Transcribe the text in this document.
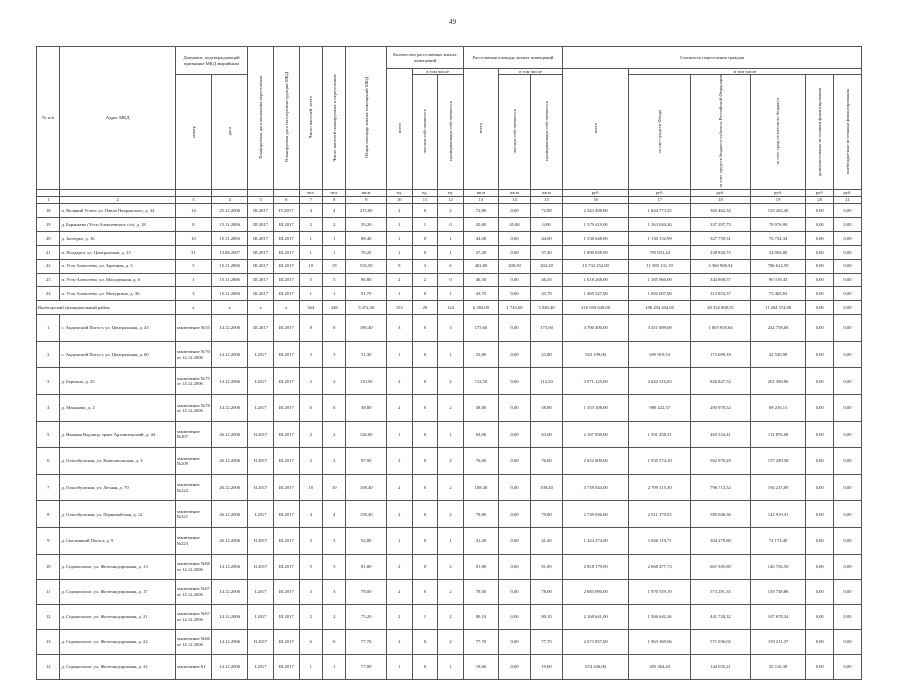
49
№ п/п	Адрес МКД	Документ, подтверждающий признание МКД аварийным		Планируемая дата окончания переселения	Планируемая дата сноса/реконструкции МКД	Число жителей, всего	Число жителей планируемых к переселению	Общая площадь жилых помещений МКД	Количество расселяемых жилых помещений			Расселяемая площадь жилых помещений			Стоимость переселения граждан					
									всего	в том числе		всего	в том числе		всего	в том числе				
		номер	дата							частная собственность	муниципальная собственность		частная собственность	муниципальная собственность		за счет средств Фонда	за счет средств бюджета субъекта Российской Федерации	за счет средств местного бюджета	дополнительные источники финансирования	внебюджетные источники финансирования
						чел.	чел.	кв.м	ед.	ед.	ед.	кв.м	кв.м	кв.м	руб.	руб.	руб.	руб.	руб.	руб.
1	2	3	4	5	6	7	8	9	10	11	12	13	14	15	16	17	18	19	20	21
18	п. Великий Устюг, ул. Павла Покровского, д. 34	14	25.12.2006	III.2017	IV.2017	4	4	215,00	2	0	2	72,80	0,00	72,80	2 343 498,00	1 844 773,25	365 462,32	133 262,40	0,00	0,00
19	д. Бараньево (Усть-Алексеевское с/п), д. 18	8	15.11.2006	III.2017	III.2017	2	2	59,20	1	1	0	45,80	45,80	0,00	1 579 419,00	1 163 044,26	337 397,75	78 976,99	0,00	0,00
20	д. Заозерье, д. 16	10	15.11.2006	III.2017	III.2017	1	1	88,40	1	0	1	44,00	0,00	44,00	1 536 648,00	1 130 152,99	327 759,31	76 734,34	0,00	0,00
21	п. Полдарса, ул. Центральная, д. 23	31	13.08.2007	III.2017	III.2017	1	1	76,20	1	0	1	37,40	0,00	37,40	1 090 658,99	795 831,44	230 820,75	54 004,80	0,00	0,00
22	п. Усть-Алексеево, ул. Заречная, д. 5	5	15.11.2006	III.2017	III.2017	19	19	535,50	9	3	6	402,80	200,50	202,30	15 732 252,00	11 585 131,19	3 360 908,54	786 612,59	0,00	0,00
23	п. Усть-Алексеево, ул. Молодежная, д. 6	1	15.11.2006	III.2017	III.2017	5	5	96,80	2	2	0	46,50	0,00	46,50	1 618 268,00	1 185 960,00	344 868,57	90 319,43	0,00	0,00
24	п. Усть-Алексеево, ул. Мочургина, д. 30	3	15.11.2006	III.2017	III.2017	1	1	91,70	1	0	1	43,70	0,00	43,70	1 469 327,00	1 082 007,00	313 854,37	73 465,63	0,00	0,00
Вытегорский муниципальный район		x	x	x	x	364	348	9 472,30	153	29	124	6 384,00	1 743,60	5 040,40	216 950 640,00	190 294 204,85	40 332 868,55	11 284 574,90	0,00	0,00
1	с. Андомский Погост, ул. Центральная, д. 43	заключение №55	14.12.2006	III.2017	III.2017	8	8	180,40	3	0	3	175,60	0,00	175,60	4 700 400,00	3 451 689,68	1 003 958,64	244 758,68	0,00	0,00
2	с. Андомский Погост, ул. Центральная, д. 60	заключение №70 от 14.12.2006	14.12.2006	I.2017	III.2017	3	3	51,30	1	0	1	23,80	0,00	23,80	922 199,00	695 919,53	173 699,18	42 520,99	0,00	0,00
3	д. Бережно, д. 35	заключение №75 от 14.12.2006	14.12.2006	I.2017	III.2017	2	2	110,50	2	0	2	112,50	0,00	112,50	3 071 125,00	2 642 316,83	826 847,52	201 360,86	0,00	0,00
4	д. Меньково, д. 2	заключение №78 от 14.12.2006	14.12.2006	I.2017	III.2017	6	6	38,80	2	0	2	38,80	0,00	38,80	1 353 108,00	980 422,37	283 970,52	69 216,11	0,00	0,00
5	д. Нижняя Водлица, тракт Архангельский, д. 44	заключение №207	26.12.2006	II.2017	III.2017	2	2	126,00	1	0	1	63,00	0,00	63,00	2 167 830,00	1 591 458,31	463 534,41	112 876,08	0,00	0,00
6	д. Ольгобушская, ул. Комсомольская, д. 3	заключение №209	26.12.2006	II.2017	III.2017	2	2	97,90	2	0	2	76,60	0,00	76,60	2 652 800,00	1 935 574,10	562 976,29	157 249,58	0,00	0,00
7	д. Ольгобушская, ул. Лесная, д. 70	заключение №222	26.12.2006	II.2017	III.2017	10	10	108,40	2	0	2	108,40	0,00	108,40	3 758 044,00	2 799 115,30	796 713,52	194 215,09	0,00	0,00
8	д. Ольгобушская, ул. Первомайская, д. 12	заключение №221	26.12.2006	I.2017	III.2017	4	4	158,40	2	0	2	79,80	0,00	79,80	2 739 036,00	2 011 379,55	585 046,56	142 919,31	0,00	0,00
9	д. Свалышкий Погост, д. 9	заключение №223	26.12.2006	II.2017	III.2017	3	3	92,80	1	0	1	41,40	0,00	41,40	1 424 274,00	1 046 119,71	304 279,80	74 174,49	0,00	0,00
10	д. Сорокопольe, ул. Железнодорожная, д. 13	заключение №68 от 14.12.2006	14.12.2006	II.2017	III.2017	5	5	81,80	2	0	2	81,80	0,00	81,80	2 818 179,00	2 068 477,73	601 945,80	146 756,50	0,00	0,00
11	д. Сорокопольe, ул. Железнодорожная, д. 17	заключение №67 от 14.12.2006	14.12.2006	I.2017	III.2017	3	3	78,00	2	0	2	78,00	0,00	78,00	2 683 980,00	1 970 559,19	573 281,35	139 748,86	0,00	0,00
12	д. Сорокопольe, ул. Железнодорожная, д. 21	заключение №67 от 14.12.2006	14.12.2006	I.2017	III.2017	2	2	75,20	2	1	2	80,10	0,00	80,10	2 168 641,00	1 506 642,36	441 720,32	107 678,34	0,00	0,00
13	д. Сорокопольe, ул. Железнодорожная, д. 22	заключение №66 от 14.12.2006	14.12.2006	II.2017	III.2017	6	6	77,70	2	0	2	77,70	0,00	77,70	2 673 857,00	1 963 369,66	571 036,02	139 211,37	0,00	0,00
14	д. Сорокопольe, ул. Железнодорожная, д. 32	заключение 61	14.12.2006	I.2017	III.2017	1	1	77,00	1	0	1	19,60	0,00	19,60	674 436,00	495 364,43	144 035,21	35 116,38	0,00	0,00
